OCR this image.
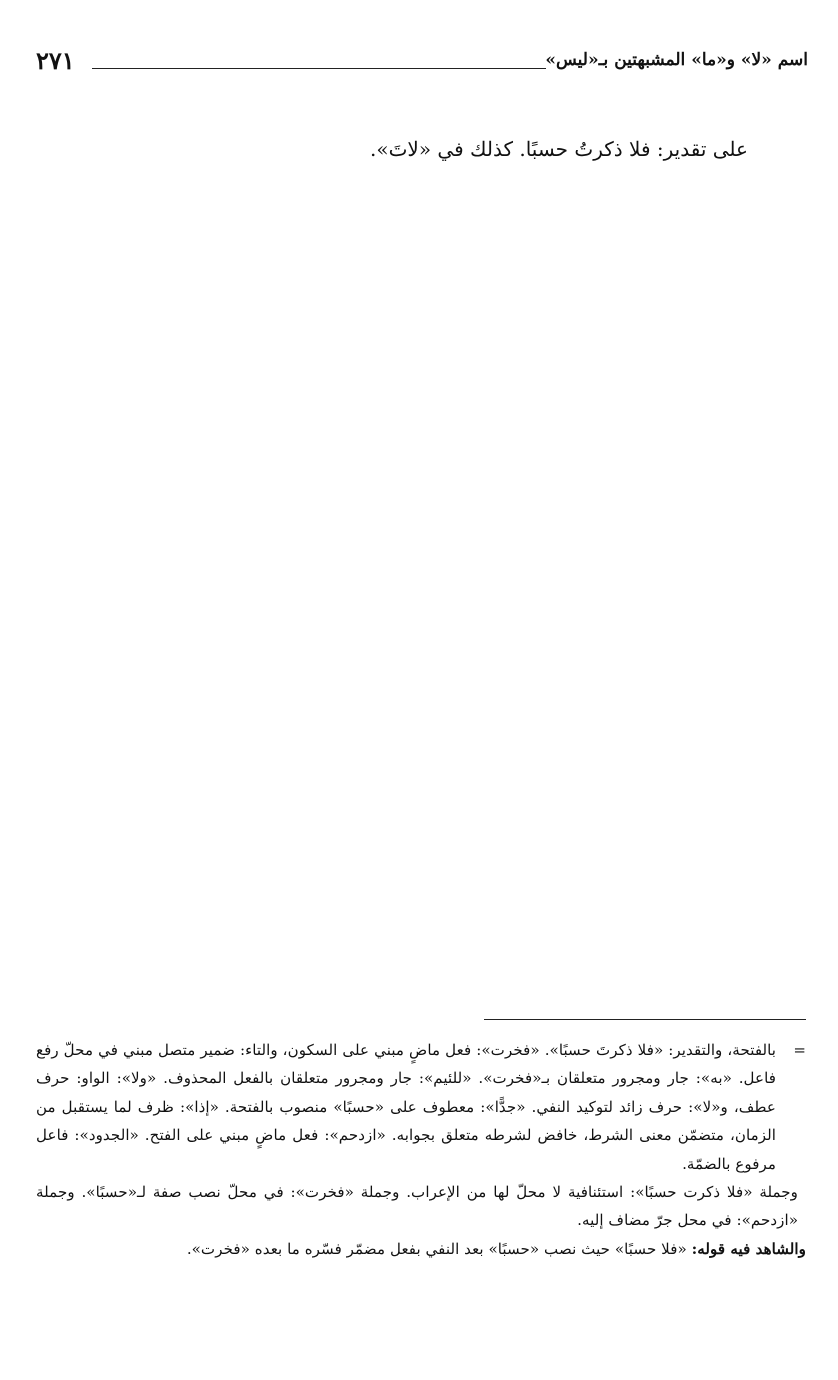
٢٧١	اسم «لا» و«ما» المشبهتين بـ«ليس»

على تقدير: فلا ذكرتُ حسبًا. كذلك في «لاتَ».

=
بالفتحة، والتقدير: «فلا ذكرتَ حسبًا». «فخرت»: فعل ماضٍ مبني على السكون، والتاء: ضمير متصل مبني في محلّ رفع فاعل. «به»: جار ومجرور متعلقان بـ«فخرت». «للئيم»: جار ومجرور متعلقان بالفعل المحذوف. «ولا»: الواو: حرف عطف، و«لا»: حرف زائد لتوكيد النفي. «جدًّا»: معطوف على «حسبًا» منصوب بالفتحة. «إذا»: ظرف لما يستقبل من الزمان، متضمّن معنى الشرط، خافض لشرطه متعلق بجوابه. «ازدحم»: فعل ماضٍ مبني على الفتح. «الجدود»: فاعل مرفوع بالضمّة.
وجملة «فلا ذكرت حسبًا»: استئنافية لا محلّ لها من الإعراب. وجملة «فخرت»: في محلّ نصب صفة لـ«حسبًا». وجملة «ازدحم»: في محل جرّ مضاف إليه.
والشاهد فيه قوله: «فلا حسبًا» حيث نصب «حسبًا» بعد النفي بفعل مضمّر فسّره ما بعده «فخرت».
